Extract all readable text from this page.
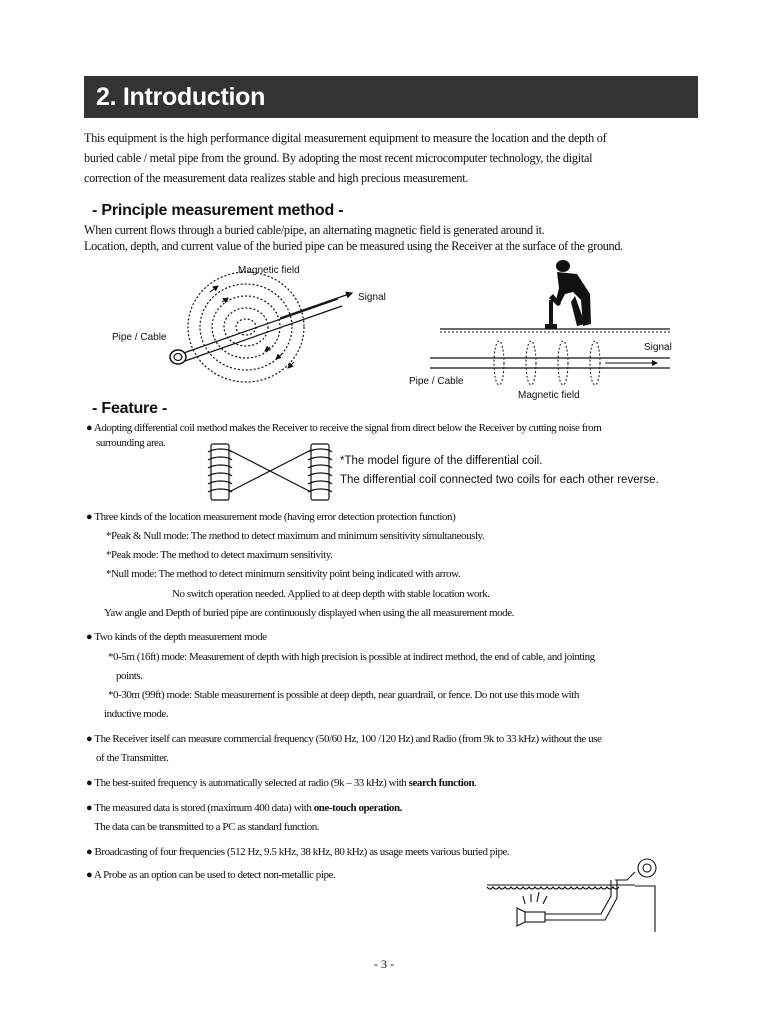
2. Introduction

This equipment is the high performance digital measurement equipment to measure the location and the depth of

buried cable / metal pipe from the ground. By adopting the most recent microcomputer technology, the digital

correction of the measurement data realizes stable and high precious measurement.

- Principle measurement method -
When current flows through a buried cable/pipe, an alternating magnetic field is generated around it.
Location, depth, and current value of the buried pipe can be measured using the Receiver at the surface of the ground.
Magnetic field
Signal
Pipe / Cable
Signal
Pipe / Cable
Magnetic field
- Feature -
● Adopting differential coil method makes the Receiver to receive the signal from direct below the Receiver by cutting noise from
surrounding area.
*The model figure of the differential coil.
The differential coil connected two coils for each other reverse.
● Three kinds of the location measurement mode (having error detection protection function)
*Peak & Null mode: The method to detect maximum and minimum sensitivity simultaneously.
*Peak mode: The method to detect maximum sensitivity.
*Null mode: The method to detect minimum sensitivity point being indicated with arrow.
No switch operation needed. Applied to at deep depth with stable location work.
Yaw angle and Depth of buried pipe are continuously displayed when using the all measurement mode.
● Two kinds of the depth measurement mode
*0-5m (16ft) mode: Measurement of depth with high precision is possible at indirect method, the end of cable, and jointing
points.
*0-30m (99ft) mode: Stable measurement is possible at deep depth, near guardrail, or fence. Do not use this mode with
inductive mode.
● The Receiver itself can measure commercial frequency (50/60 Hz, 100 /120 Hz) and Radio (from 9k to 33 kHz) without the use
of the Transmitter.
● The best-suited frequency is automatically selected at radio (9k – 33 kHz) with search function.
● The measured data is stored (maximum 400 data) with one-touch operation.
The data can be transmitted to a PC as standard function.
● Broadcasting of four frequencies (512 Hz, 9.5 kHz, 38 kHz, 80 kHz) as usage meets various buried pipe.
● A Probe as an option can be used to detect non-metallic pipe.
- 3 -
